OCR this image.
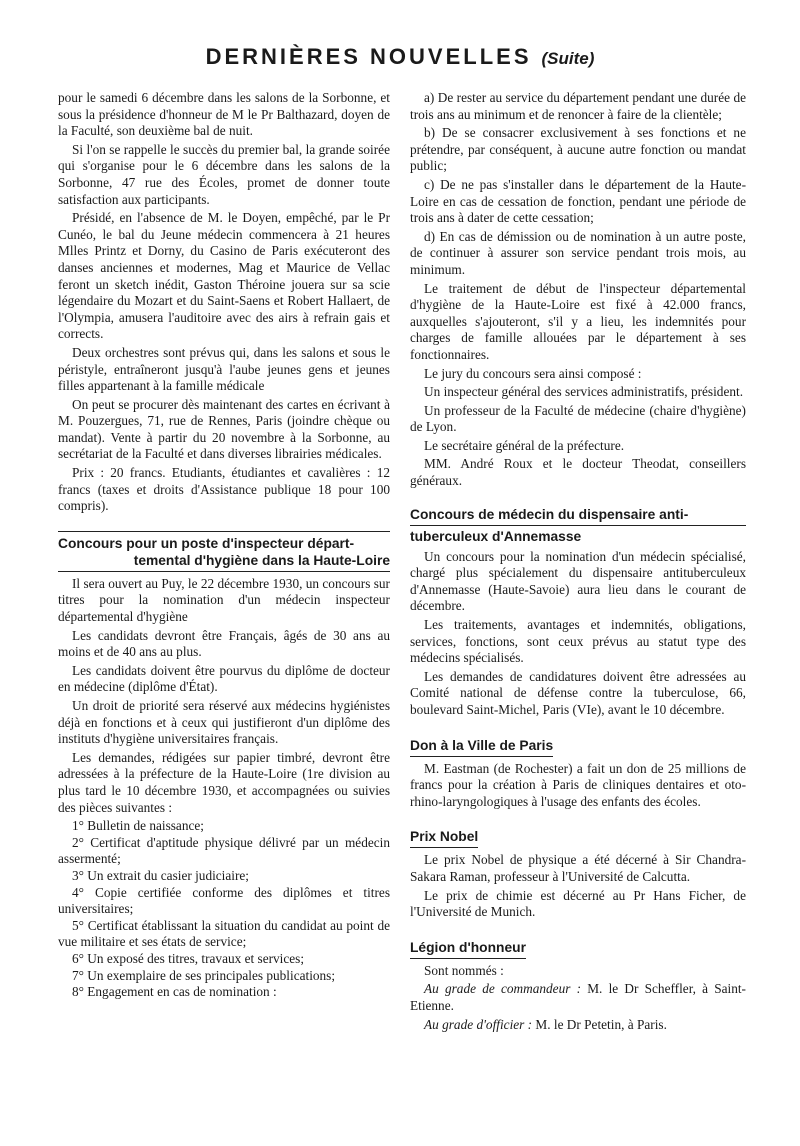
DERNIÈRES NOUVELLES (Suite)

pour le samedi 6 décembre dans les salons de la Sorbonne, et sous la présidence d'honneur de M le Pr Balthazard, doyen de la Faculté, son deuxième bal de nuit.

Si l'on se rappelle le succès du premier bal, la grande soirée qui s'organise pour le 6 décembre dans les salons de la Sorbonne, 47 rue des Écoles, promet de donner toute satisfaction aux participants.

Présidé, en l'absence de M. le Doyen, empêché, par le Pr Cunéo, le bal du Jeune médecin commencera à 21 heures Mlles Printz et Dorny, du Casino de Paris exécuteront des danses anciennes et modernes, Mag et Maurice de Vellac feront un sketch inédit, Gaston Théroine jouera sur sa scie légendaire du Mozart et du Saint-Saens et Robert Hallaert, de l'Olympia, amusera l'auditoire avec des airs à refrain gais et corrects.

Deux orchestres sont prévus qui, dans les salons et sous le péristyle, entraîneront jusqu'à l'aube jeunes gens et jeunes filles appartenant à la famille médicale

On peut se procurer dès maintenant des cartes en écrivant à M. Pouzergues, 71, rue de Rennes, Paris (joindre chèque ou mandat). Vente à partir du 20 novembre à la Sorbonne, au secrétariat de la Faculté et dans diverses librairies médicales.

Prix : 20 francs. Etudiants, étudiantes et cavalières : 12 francs (taxes et droits d'Assistance publique 18 pour 100 compris).

Concours pour un poste d'inspecteur départ-
temental d'hygiène dans la Haute-Loire

Il sera ouvert au Puy, le 22 décembre 1930, un concours sur titres pour la nomination d'un médecin inspecteur départemental d'hygiène

Les candidats devront être Français, âgés de 30 ans au moins et de 40 ans au plus.

Les candidats doivent être pourvus du diplôme de docteur en médecine (diplôme d'État).

Un droit de priorité sera réservé aux médecins hygiénistes déjà en fonctions et à ceux qui justifieront d'un diplôme des instituts d'hygiène universitaires français.

Les demandes, rédigées sur papier timbré, devront être adressées à la préfecture de la Haute-Loire (1re division au plus tard le 10 décembre 1930, et accompagnées ou suivies des pièces suivantes :

1° Bulletin de naissance;

2° Certificat d'aptitude physique délivré par un médecin assermenté;

3° Un extrait du casier judiciaire;

4° Copie certifiée conforme des diplômes et titres universitaires;

5° Certificat établissant la situation du candidat au point de vue militaire et ses états de service;

6° Un exposé des titres, travaux et services;

7° Un exemplaire de ses principales publications;

8° Engagement en cas de nomination :

a) De rester au service du département pendant une durée de trois ans au minimum et de renoncer à faire de la clientèle;

b) De se consacrer exclusivement à ses fonctions et ne prétendre, par conséquent, à aucune autre fonction ou mandat public;

c) De ne pas s'installer dans le département de la Haute-Loire en cas de cessation de fonction, pendant une période de trois ans à dater de cette cessation;

d) En cas de démission ou de nomination à un autre poste, de continuer à assurer son service pendant trois mois, au minimum.

Le traitement de début de l'inspecteur départemental d'hygiène de la Haute-Loire est fixé à 42.000 francs, auxquelles s'ajouteront, s'il y a lieu, les indemnités pour charges de famille allouées par le département à ses fonctionnaires.

Le jury du concours sera ainsi composé :

Un inspecteur général des services administratifs, président.

Un professeur de la Faculté de médecine (chaire d'hygiène) de Lyon.

Le secrétaire général de la préfecture.

MM. André Roux et le docteur Theodat, conseillers généraux.

Concours de médecin du dispensaire anti-
tuberculeux d'Annemasse

Un concours pour la nomination d'un médecin spécialisé, chargé plus spécialement du dispensaire antituberculeux d'Annemasse (Haute-Savoie) aura lieu dans le courant de décembre.

Les traitements, avantages et indemnités, obligations, services, fonctions, sont ceux prévus au statut type des médecins spécialisés.

Les demandes de candidatures doivent être adressées au Comité national de défense contre la tuberculose, 66, boulevard Saint-Michel, Paris (VIe), avant le 10 décembre.

Don à la Ville de Paris

M. Eastman (de Rochester) a fait un don de 25 millions de francs pour la création à Paris de cliniques dentaires et oto-rhino-laryngologiques à l'usage des enfants des écoles.

Prix Nobel

Le prix Nobel de physique a été décerné à Sir Chandra-Sakara Raman, professeur à l'Université de Calcutta.

Le prix de chimie est décerné au Pr Hans Ficher, de l'Université de Munich.

Légion d'honneur

Sont nommés :

Au grade de commandeur : M. le Dr Scheffler, à Saint-Etienne.

Au grade d'officier : M. le Dr Petetin, à Paris.
